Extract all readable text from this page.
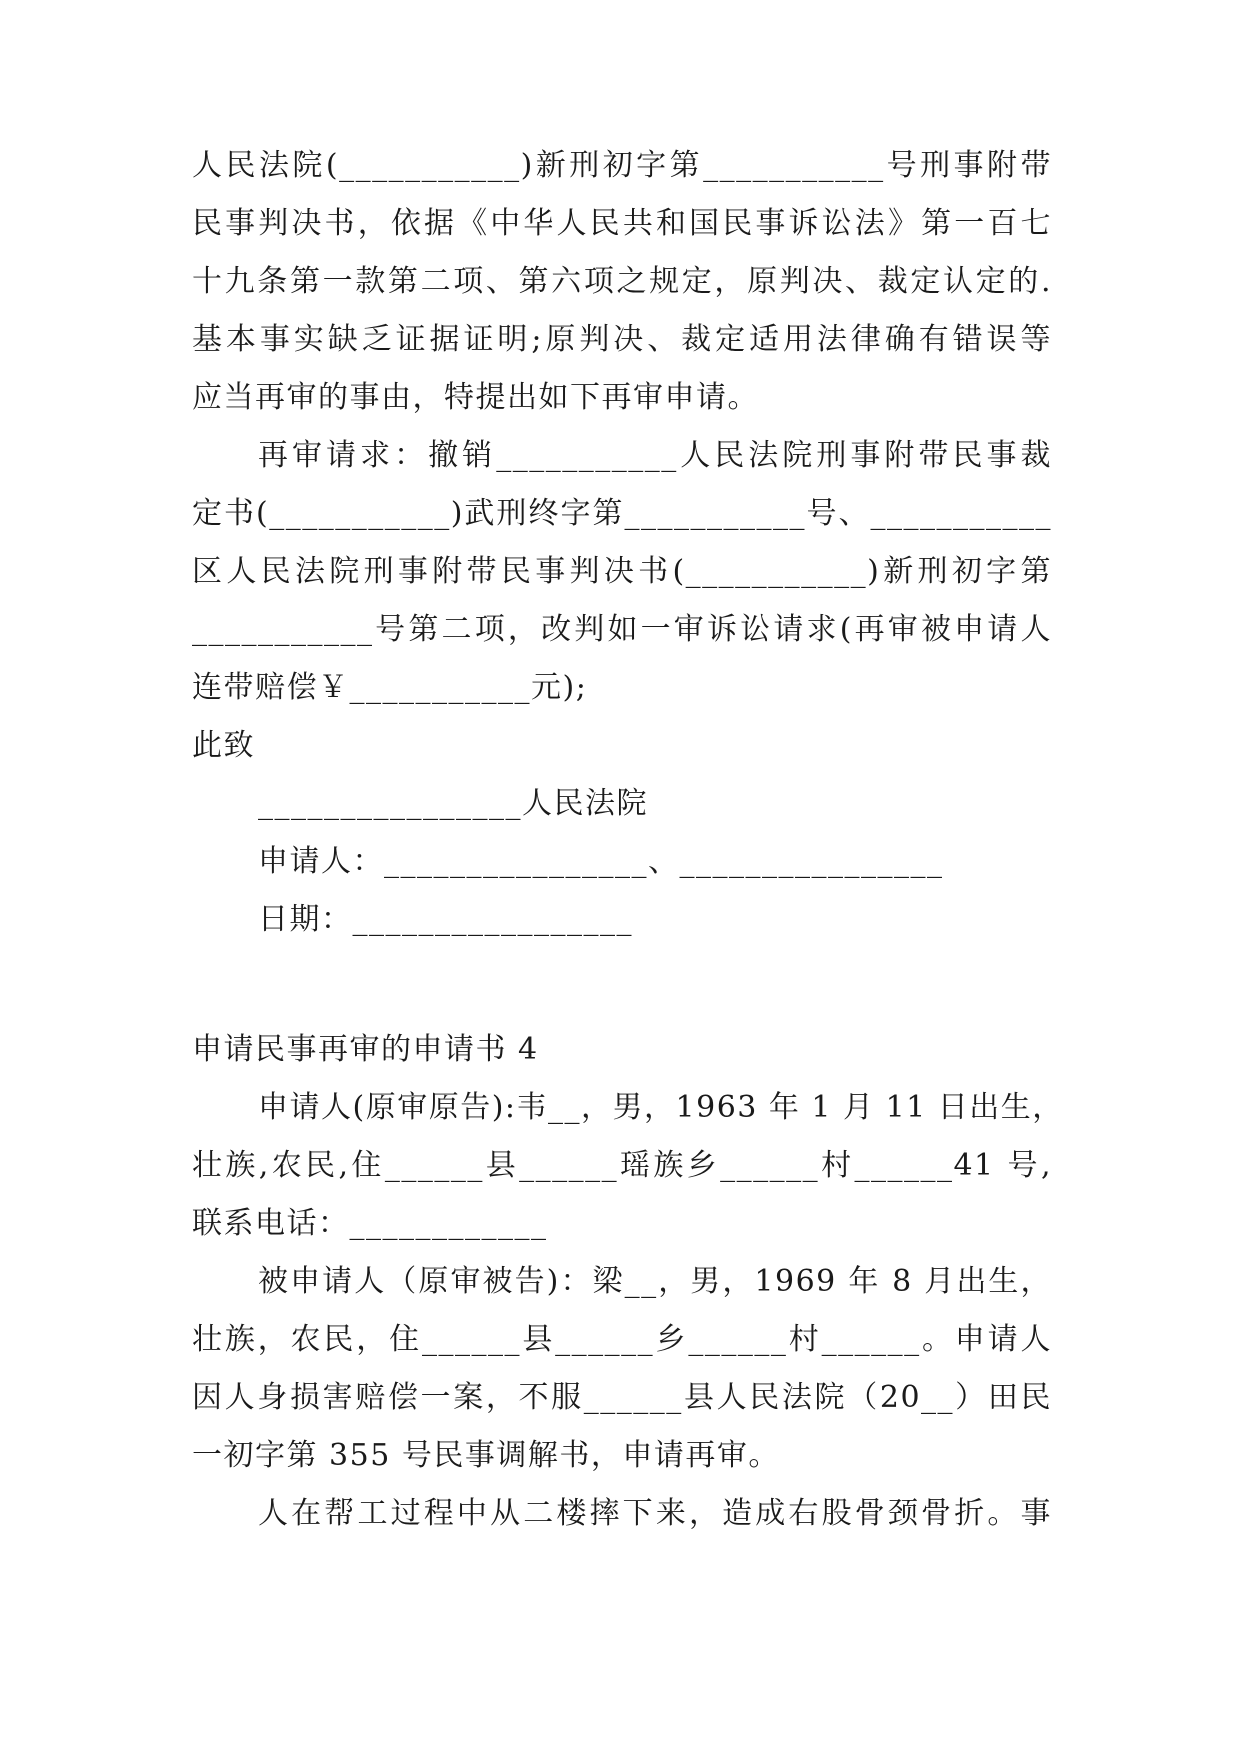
人民法院(___________)新刑初字第___________号刑事附带
民事判决书，依据《中华人民共和国民事诉讼法》第一百七
十九条第一款第二项、第六项之规定，原判决、裁定认定的.
基本事实缺乏证据证明;原判决、裁定适用法律确有错误等
应当再审的事由，特提出如下再审申请。
再审请求：撤销___________人民法院刑事附带民事裁
定书(___________)武刑终字第___________号、___________
区人民法院刑事附带民事判决书(___________)新刑初字第
___________号第二项，改判如一审诉讼请求(再审被申请人
连带赔偿￥___________元);
此致
________________人民法院
申请人：________________、________________
日期：_________________
申请民事再审的申请书 4
申请人(原审原告):韦__，男，1963 年 1 月 11 日出生，
壮族,农民,住______县______瑶族乡______村______41 号,
联系电话：____________
被申请人（原审被告)：梁__，男，1969 年 8 月出生，
壮族，农民，住______县______乡______村______。申请人
因人身损害赔偿一案，不服______县人民法院（20__）田民
一初字第 355 号民事调解书，申请再审。
人在帮工过程中从二楼摔下来，造成右股骨颈骨折。事
